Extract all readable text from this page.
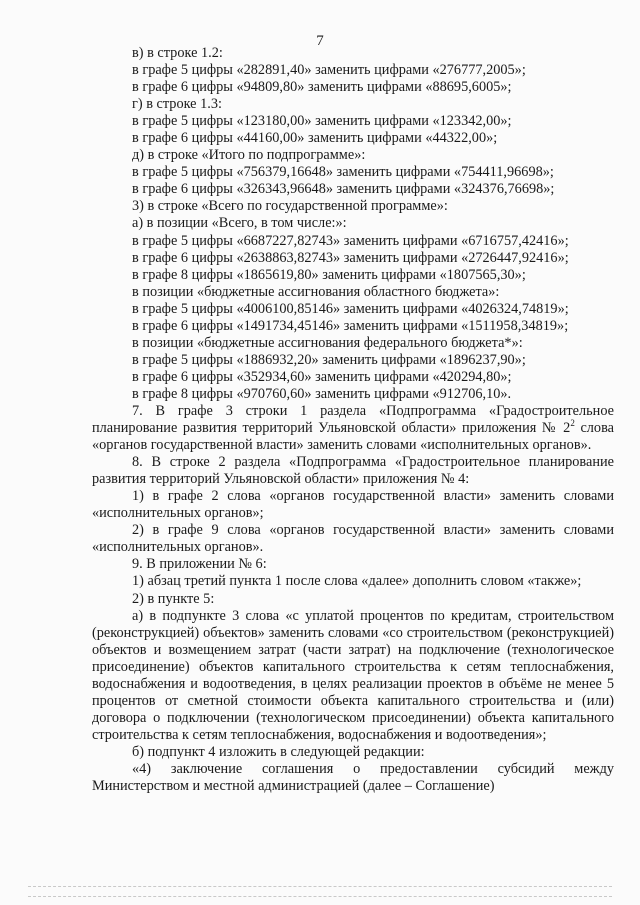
7
в) в строке 1.2:
в графе 5 цифры «282891,40» заменить цифрами «276777,2005»;
в графе 6 цифры «94809,80» заменить цифрами «88695,6005»;
г) в строке 1.3:
в графе 5 цифры «123180,00» заменить цифрами «123342,00»;
в графе 6 цифры «44160,00» заменить цифрами «44322,00»;
д) в строке «Итого по подпрограмме»:
в графе 5 цифры «756379,16648» заменить цифрами «754411,96698»;
в графе 6 цифры «326343,96648» заменить цифрами «324376,76698»;
3) в строке «Всего по государственной программе»:
а) в позиции «Всего, в том числе:»:
в графе 5 цифры «6687227,82743» заменить цифрами «6716757,42416»;
в графе 6 цифры «2638863,82743» заменить цифрами «2726447,92416»;
в графе 8 цифры «1865619,80» заменить цифрами «1807565,30»;
в позиции «бюджетные ассигнования областного бюджета»:
в графе 5 цифры «4006100,85146» заменить цифрами «4026324,74819»;
в графе 6 цифры «1491734,45146» заменить цифрами «1511958,34819»;
в позиции «бюджетные ассигнования федерального бюджета*»:
в графе 5 цифры «1886932,20» заменить цифрами «1896237,90»;
в графе 6 цифры «352934,60» заменить цифрами «420294,80»;
в графе 8 цифры «970760,60» заменить цифрами «912706,10».
7. В графе 3 строки 1 раздела «Подпрограмма «Градостроительное планирование развития территорий Ульяновской области» приложения № $2^2$ слова «органов государственной власти» заменить словами «исполнительных органов».
8. В строке 2 раздела «Подпрограмма «Градостроительное планирование развития территорий Ульяновской области» приложения № 4:
1) в графе 2 слова «органов государственной власти» заменить словами «исполнительных органов»;
2) в графе 9 слова «органов государственной власти» заменить словами «исполнительных органов».
9. В приложении № 6:
1) абзац третий пункта 1 после слова «далее» дополнить словом «также»;
2) в пункте 5:
а) в подпункте 3 слова «с уплатой процентов по кредитам, строительством (реконструкцией) объектов» заменить словами «со строительством (реконструкцией) объектов и возмещением затрат (части затрат) на подключение (технологическое присоединение) объектов капитального строительства к сетям теплоснабжения, водоснабжения и водоотведения, в целях реализации проектов в объёме не менее 5 процентов от сметной стоимости объекта капитального строительства и (или) договора о подключении (технологическом присоединении) объекта капитального строительства к сетям теплоснабжения, водоснабжения и водоотведения»;
б) подпункт 4 изложить в следующей редакции:
«4) заключение соглашения о предоставлении субсидий между Министерством и местной администрацией (далее – Соглашение)
